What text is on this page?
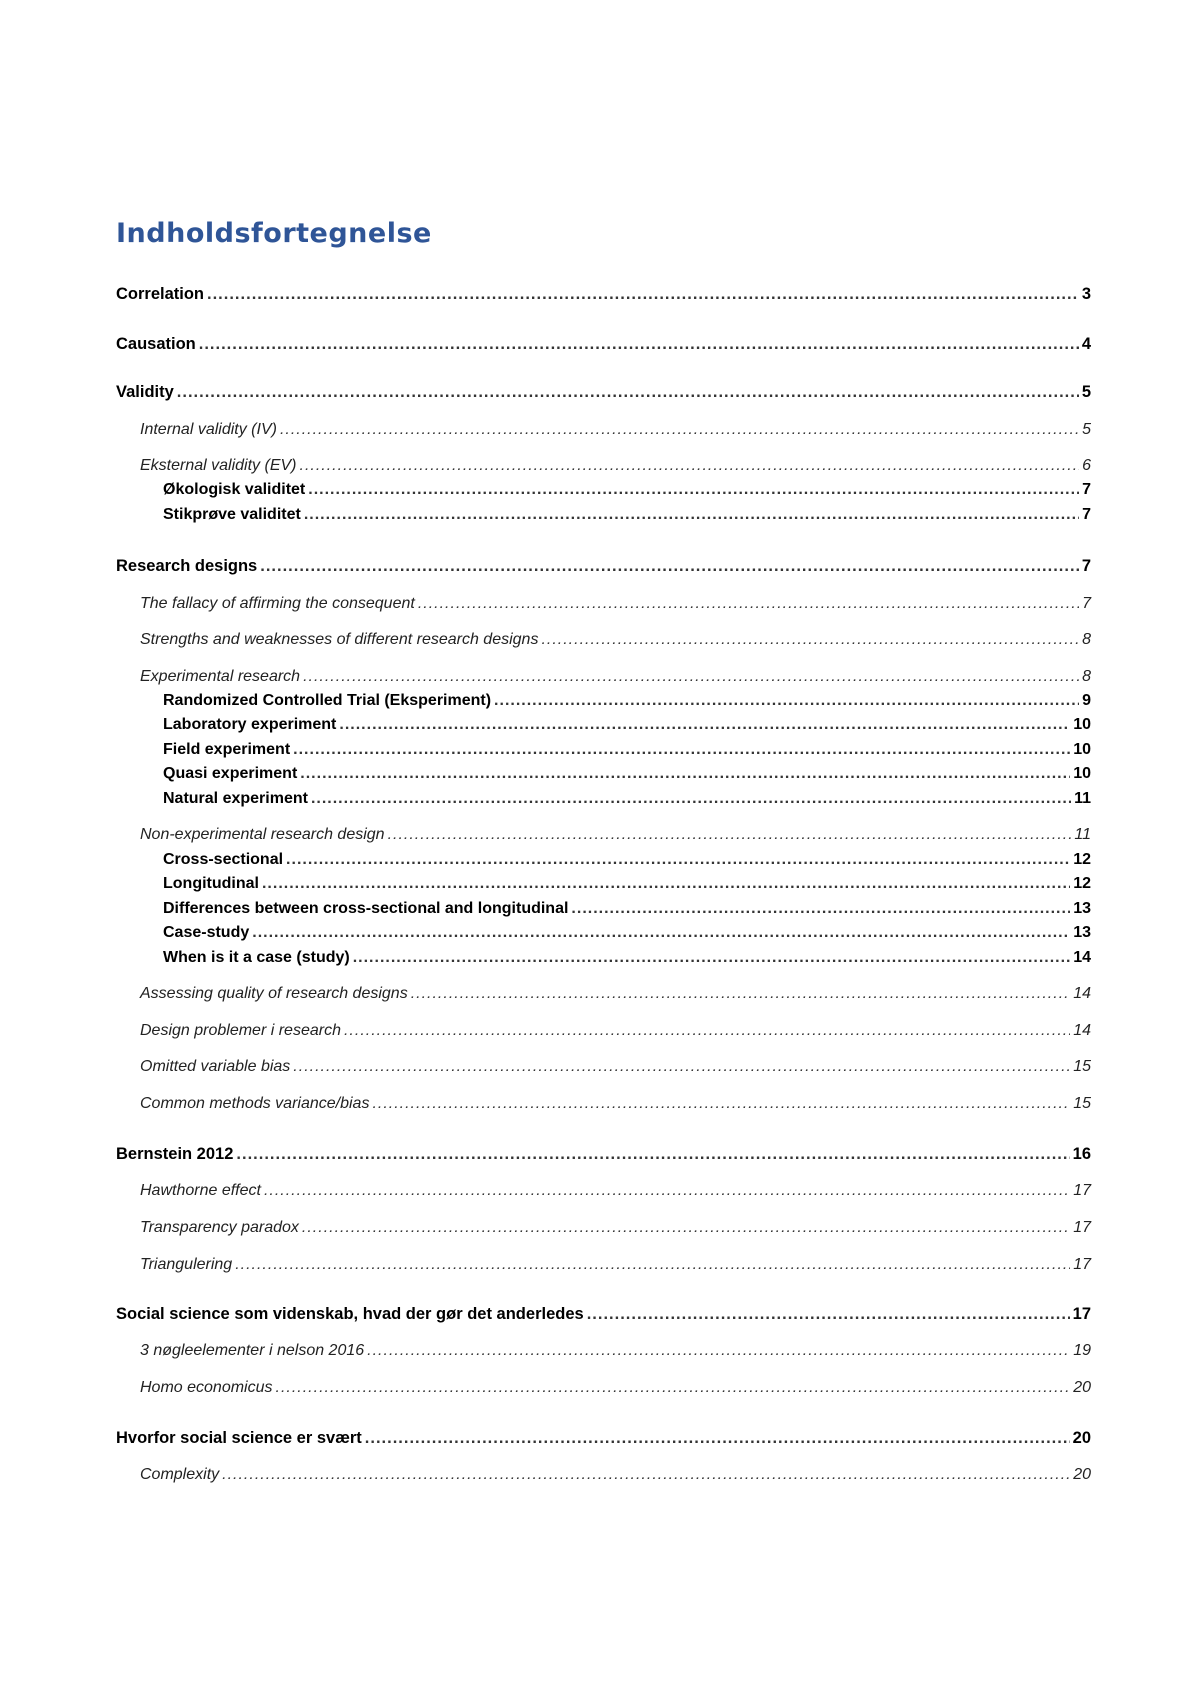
Indholdsfortegnelse
Correlation .....	3
Causation .....	4
Validity .....	5
Internal validity (IV) .....	5
Eksternal validity (EV) .....	6
Økologisk validitet .....	7
Stikprøve validitet .....	7
Research designs .....	7
The fallacy of affirming the consequent .....	7
Strengths and weaknesses of different research designs .....	8
Experimental research .....	8
Randomized Controlled Trial (Eksperiment) .....	9
Laboratory experiment .....	10
Field experiment .....	10
Quasi experiment .....	10
Natural experiment .....	11
Non-experimental research design .....	11
Cross-sectional .....	12
Longitudinal .....	12
Differences between cross-sectional and longitudinal .....	13
Case-study .....	13
When is it a case (study) .....	14
Assessing quality of research designs .....	14
Design problemer i research .....	14
Omitted variable bias .....	15
Common methods variance/bias .....	15
Bernstein 2012 .....	16
Hawthorne effect .....	17
Transparency paradox .....	17
Triangulering .....	17
Social science som videnskab, hvad der gør det anderledes .....	17
3 nøgleelementer i nelson 2016 .....	19
Homo economicus .....	20
Hvorfor social science er svært .....	20
Complexity .....	20
